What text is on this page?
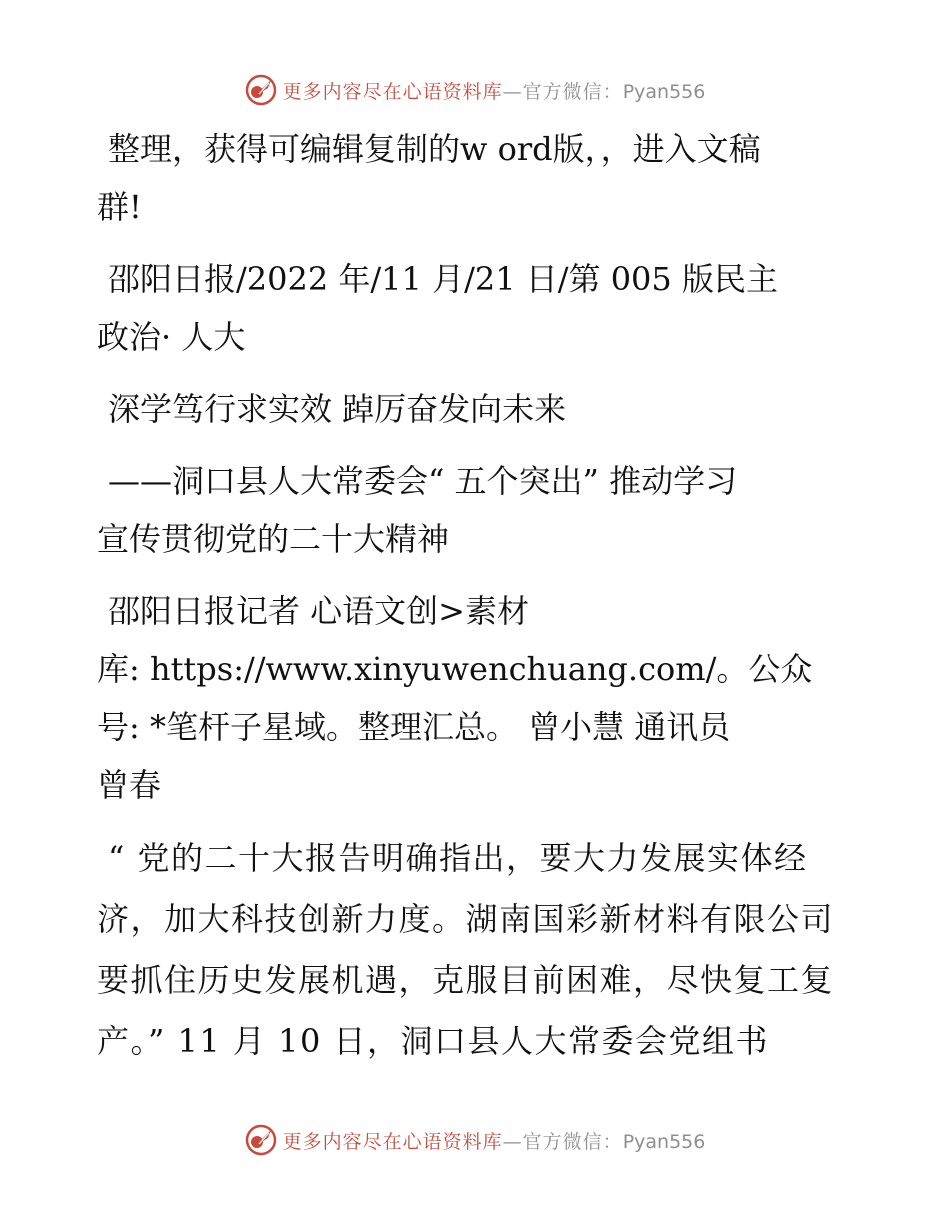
更多内容尽在心语资料库—官方微信：Pyan556
整理，获得可编辑复制的w ord版，，进入文稿
群!
邵阳日报/2022 年/11 月/21 日/第 005 版民主
政治· 人大
深学笃行求实效 踔厉奋发向未来
——洞口县人大常委会“ 五个突出” 推动学习
宣传贯彻党的二十大精神
邵阳日报记者 心语文创>素材
库: https://www.xinyuwenchuang.com/。公众
号: *笔杆子星域。整理汇总。 曾小慧 通讯员
曾春
“ 党的二十大报告明确指出，要大力发展实体经
济，加大科技创新力度。湖南国彩新材料有限公司
要抓住历史发展机遇，克服目前困难，尽快复工复
产。” 11 月 10 日，洞口县人大常委会党组书
更多内容尽在心语资料库—官方微信：Pyan556
